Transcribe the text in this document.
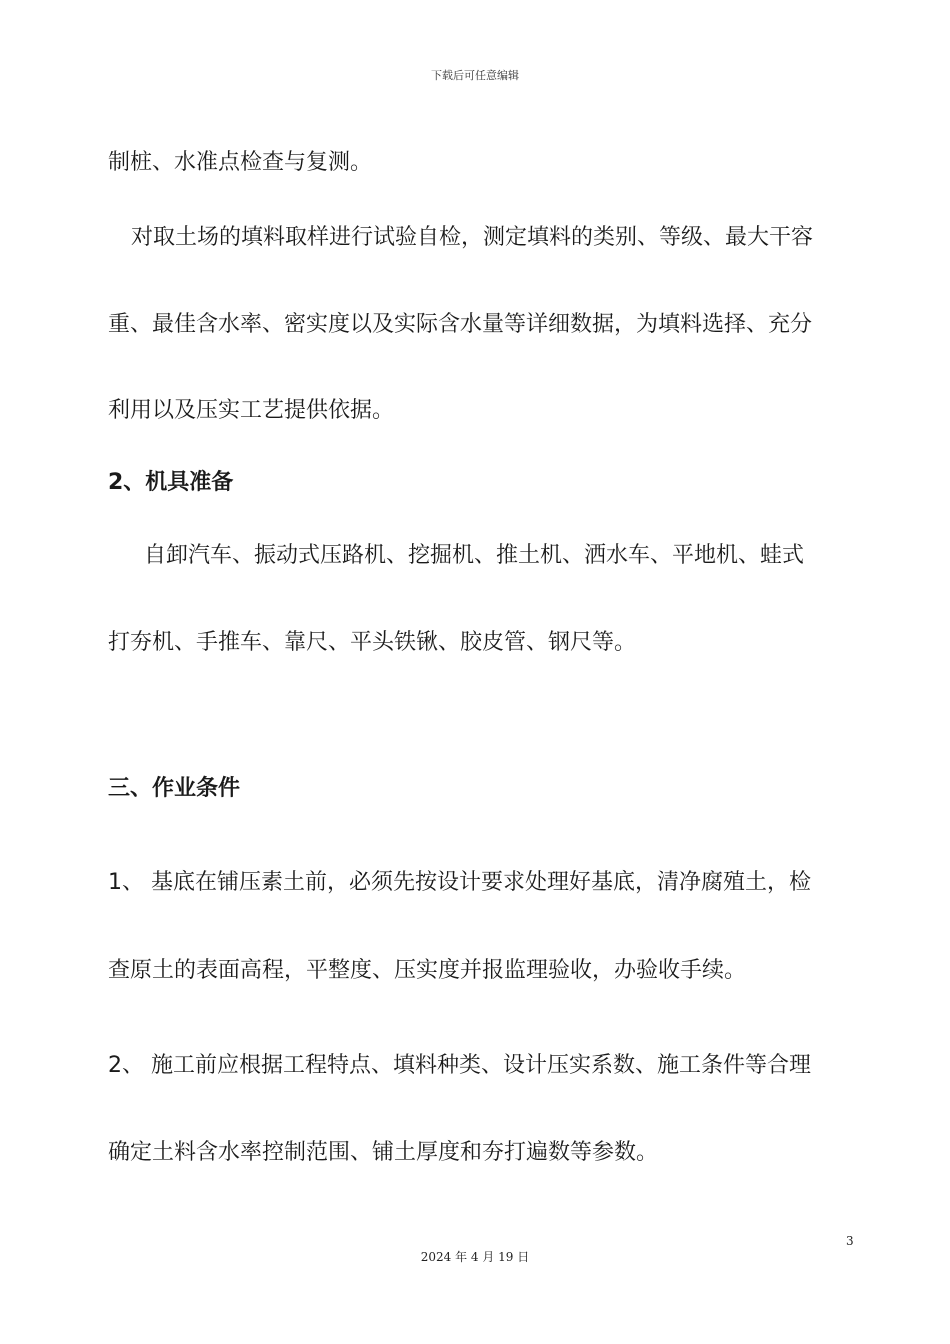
下载后可任意编辑
制桩、水准点检查与复测。
对取土场的填料取样进行试验自检，测定填料的类别、等级、最大干容
重、最佳含水率、密实度以及实际含水量等详细数据，为填料选择、充分
利用以及压实工艺提供依据。
2、机具准备
自卸汽车、振动式压路机、挖掘机、推土机、洒水车、平地机、蛙式
打夯机、手推车、靠尺、平头铁锹、胶皮管、钢尺等。
三、作业条件
1、 基底在铺压素土前，必须先按设计要求处理好基底，清净腐殖土，检
查原土的表面高程，平整度、压实度并报监理验收，办验收手续。
2、 施工前应根据工程特点、填料种类、设计压实系数、施工条件等合理
确定土料含水率控制范围、铺土厚度和夯打遍数等参数。
3
2024 年 4 月 19 日
